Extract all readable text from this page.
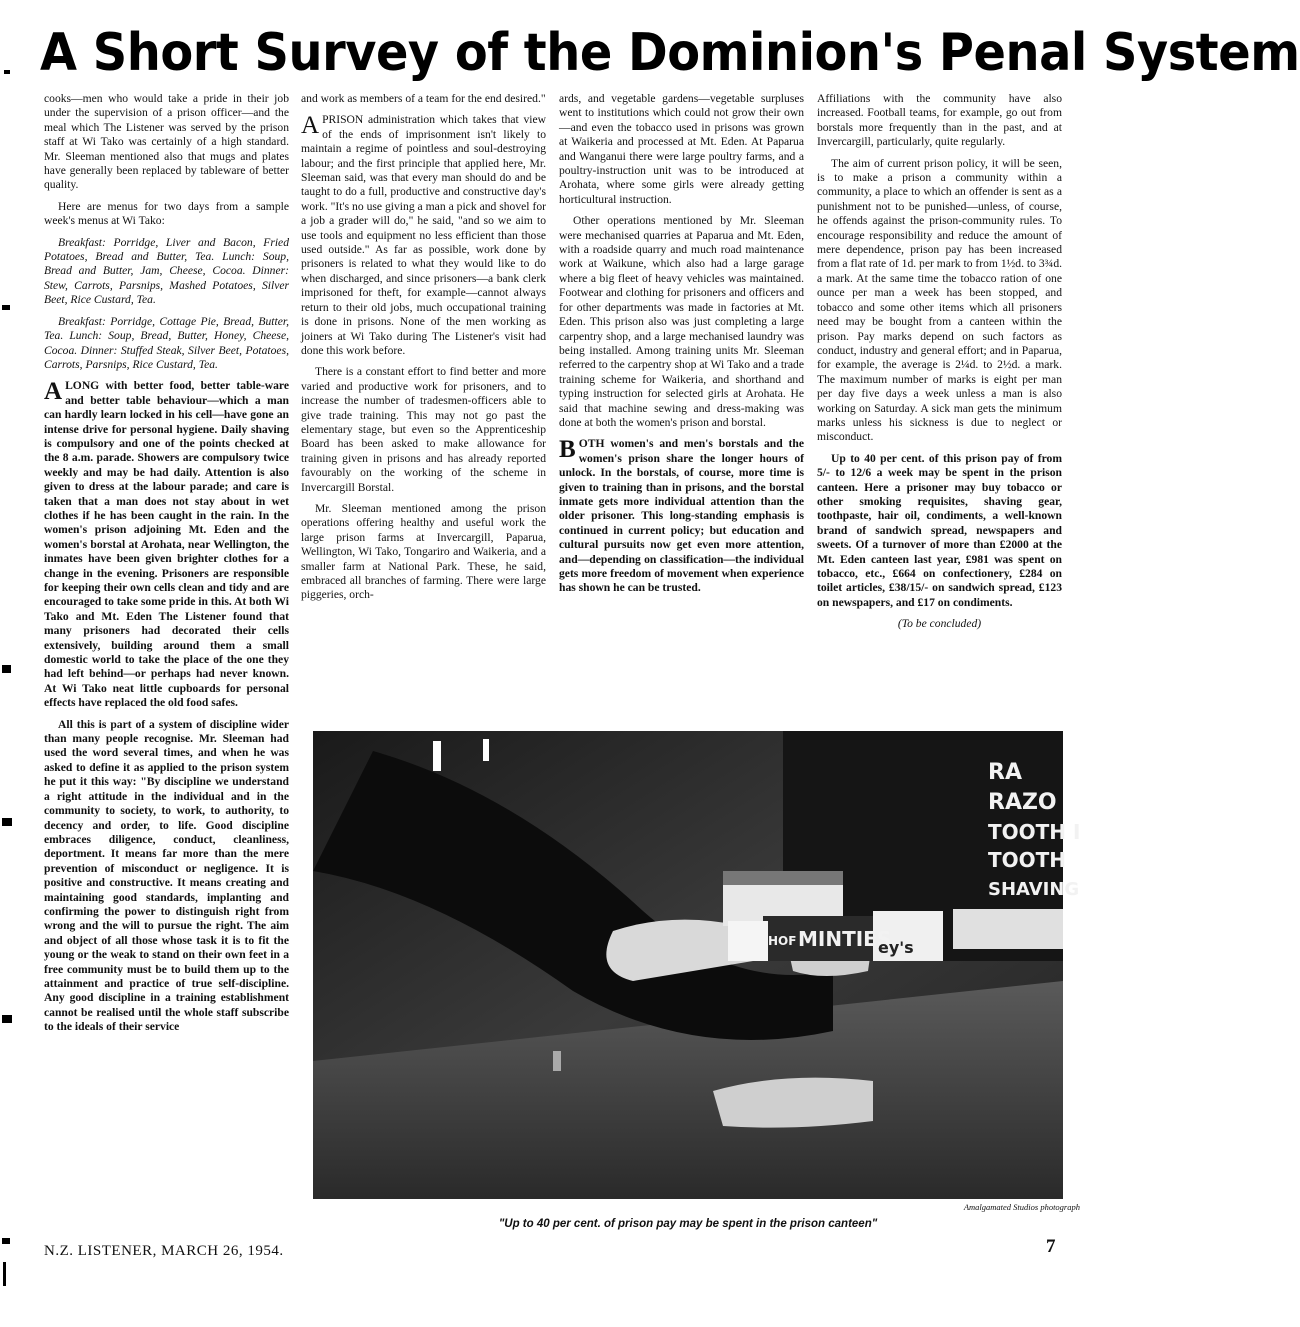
A Short Survey of the Dominion's Penal System

cooks—men who would take a pride in their job under the supervision of a prison officer—and the meal which The Listener was served by the prison staff at Wi Tako was certainly of a high standard. Mr. Sleeman mentioned also that mugs and plates have generally been replaced by tableware of better quality.

Here are menus for two days from a sample week's menus at Wi Tako:

Breakfast: Porridge, Liver and Bacon, Fried Potatoes, Bread and Butter, Tea. Lunch: Soup, Bread and Butter, Jam, Cheese, Cocoa. Dinner: Stew, Carrots, Parsnips, Mashed Potatoes, Silver Beet, Rice Custard, Tea.

Breakfast: Porridge, Cottage Pie, Bread, Butter, Tea. Lunch: Soup, Bread, Butter, Honey, Cheese, Cocoa. Dinner: Stuffed Steak, Silver Beet, Potatoes, Carrots, Parsnips, Rice Custard, Tea.

ALONG with better food, better table-ware and better table behaviour—which a man can hardly learn locked in his cell—have gone an intense drive for personal hygiene. Daily shaving is compulsory and one of the points checked at the 8 a.m. parade. Showers are compulsory twice weekly and may be had daily. Attention is also given to dress at the labour parade; and care is taken that a man does not stay about in wet clothes if he has been caught in the rain. In the women's prison adjoining Mt. Eden and the women's borstal at Arohata, near Wellington, the inmates have been given brighter clothes for a change in the evening. Prisoners are responsible for keeping their own cells clean and tidy and are encouraged to take some pride in this. At both Wi Tako and Mt. Eden The Listener found that many prisoners had decorated their cells extensively, building around them a small domestic world to take the place of the one they had left behind—or perhaps had never known. At Wi Tako neat little cupboards for personal effects have replaced the old food safes.

All this is part of a system of discipline wider than many people recognise. Mr. Sleeman had used the word several times, and when he was asked to define it as applied to the prison system he put it this way: "By discipline we understand a right attitude in the individual and in the community to society, to work, to authority, to decency and order, to life. Good discipline embraces diligence, conduct, cleanliness, deportment. It means far more than the mere prevention of misconduct or negligence. It is positive and constructive. It means creating and maintaining good standards, implanting and confirming the power to distinguish right from wrong and the will to pursue the right. The aim and object of all those whose task it is to fit the young or the weak to stand on their own feet in a free community must be to build them up to the attainment and practice of true self-discipline. Any good discipline in a training establishment cannot be realised until the whole staff subscribe to the ideals of their service

and work as members of a team for the end desired."

APRISON administration which takes that view of the ends of imprisonment isn't likely to maintain a regime of pointless and soul-destroying labour; and the first principle that applied here, Mr. Sleeman said, was that every man should do and be taught to do a full, productive and constructive day's work. "It's no use giving a man a pick and shovel for a job a grader will do," he said, "and so we aim to use tools and equipment no less efficient than those used outside." As far as possible, work done by prisoners is related to what they would like to do when discharged, and since prisoners—a bank clerk imprisoned for theft, for example—cannot always return to their old jobs, much occupational training is done in prisons. None of the men working as joiners at Wi Tako during The Listener's visit had done this work before.

There is a constant effort to find better and more varied and productive work for prisoners, and to increase the number of tradesmen-officers able to give trade training. This may not go past the elementary stage, but even so the Apprenticeship Board has been asked to make allowance for training given in prisons and has already reported favourably on the working of the scheme in Invercargill Borstal.

Mr. Sleeman mentioned among the prison operations offering healthy and useful work the large prison farms at Invercargill, Paparua, Wellington, Wi Tako, Tongariro and Waikeria, and a smaller farm at National Park. These, he said, embraced all branches of farming. There were large piggeries, orch-

ards, and vegetable gardens—vegetable surpluses went to institutions which could not grow their own—and even the tobacco used in prisons was grown at Waikeria and processed at Mt. Eden. At Paparua and Wanganui there were large poultry farms, and a poultry-instruction unit was to be introduced at Arohata, where some girls were already getting horticultural instruction.

Other operations mentioned by Mr. Sleeman were mechanised quarries at Paparua and Mt. Eden, with a roadside quarry and much road maintenance work at Waikune, which also had a large garage where a big fleet of heavy vehicles was maintained. Footwear and clothing for prisoners and officers and for other departments was made in factories at Mt. Eden. This prison also was just completing a large carpentry shop, and a large mechanised laundry was being installed. Among training units Mr. Sleeman referred to the carpentry shop at Wi Tako and a trade training scheme for Waikeria, and shorthand and typing instruction for selected girls at Arohata. He said that machine sewing and dress-making was done at both the women's prison and borstal.

BOTH women's and men's borstals and the women's prison share the longer hours of unlock. In the borstals, of course, more time is given to training than in prisons, and the borstal inmate gets more individual attention than the older prisoner. This long-standing emphasis is continued in current policy; but education and cultural pursuits now get even more attention, and—depending on classification—the individual gets more freedom of movement when experience has shown he can be trusted.

Affiliations with the community have also increased. Football teams, for example, go out from borstals more frequently than in the past, and at Invercargill, particularly, quite regularly.

The aim of current prison policy, it will be seen, is to make a prison a community within a community, a place to which an offender is sent as a punishment not to be punished—unless, of course, he offends against the prison-community rules. To encourage responsibility and reduce the amount of mere dependence, prison pay has been increased from a flat rate of 1d. per mark to from 1½d. to 3¾d. a mark. At the same time the tobacco ration of one ounce per man a week has been stopped, and tobacco and some other items which all prisoners need may be bought from a canteen within the prison. Pay marks depend on such factors as conduct, industry and general effort; and in Paparua, for example, the average is 2¼d. to 2½d. a mark. The maximum number of marks is eight per man per day five days a week unless a man is also working on Saturday. A sick man gets the minimum marks unless his sickness is due to neglect or misconduct.

Up to 40 per cent. of this prison pay of from 5/- to 12/6 a week may be spent in the prison canteen. Here a prisoner may buy tobacco or other smoking requisites, shaving gear, toothpaste, hair oil, condiments, a well-known brand of sandwich spread, newspapers and sweets. Of a turnover of more than £2000 at the Mt. Eden canteen last year, £981 was spent on tobacco, etc., £664 on confectionery, £284 on toilet articles, £38/15/- on sandwich spread, £123 on newspapers, and £17 on condiments.

(To be concluded)

RA
RAZO
TOOTH I
TOOTH
SHAVING
MINTIES
HOF	ey's
Amalgamated Studios photograph
"Up to 40 per cent. of prison pay may be spent in the prison canteen"
N.Z. LISTENER, MARCH 26, 1954.	7
